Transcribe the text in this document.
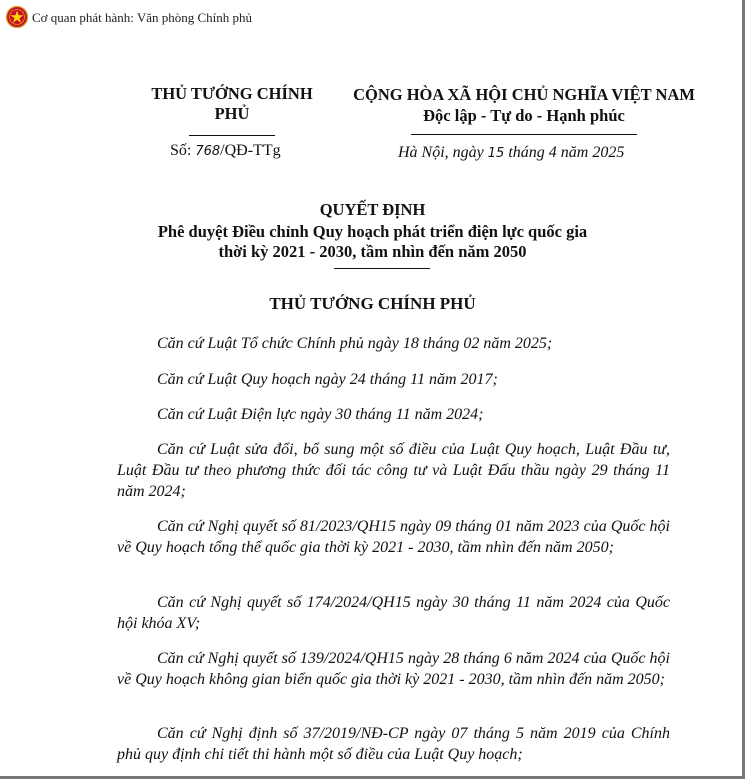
Cơ quan phát hành: Văn phòng Chính phủ
THỦ TƯỚNG CHÍNH PHỦ
CỘNG HÒA XÃ HỘI CHỦ NGHĨA VIỆT NAM
Độc lập - Tự do - Hạnh phúc
Số: 768/QĐ-TTg	Hà Nội, ngày 15 tháng 4 năm 2025
QUYẾT ĐỊNH
Phê duyệt Điều chỉnh Quy hoạch phát triển điện lực quốc gia
thời kỳ 2021 - 2030, tầm nhìn đến năm 2050
THỦ TƯỚNG CHÍNH PHỦ
Căn cứ Luật Tổ chức Chính phủ ngày 18 tháng 02 năm 2025;
Căn cứ Luật Quy hoạch ngày 24 tháng 11 năm 2017;
Căn cứ Luật Điện lực ngày 30 tháng 11 năm 2024;
Căn cứ Luật sửa đổi, bổ sung một số điều của Luật Quy hoạch, Luật Đầu tư, Luật Đầu tư theo phương thức đối tác công tư và Luật Đấu thầu ngày 29 tháng 11 năm 2024;
Căn cứ Nghị quyết số 81/2023/QH15 ngày 09 tháng 01 năm 2023 của Quốc hội về Quy hoạch tổng thể quốc gia thời kỳ 2021 - 2030, tầm nhìn đến năm 2050;
Căn cứ Nghị quyết số 174/2024/QH15 ngày 30 tháng 11 năm 2024 của Quốc hội khóa XV;
Căn cứ Nghị quyết số 139/2024/QH15 ngày 28 tháng 6 năm 2024 của Quốc hội về Quy hoạch không gian biển quốc gia thời kỳ 2021 - 2030, tầm nhìn đến năm 2050;
Căn cứ Nghị định số 37/2019/NĐ-CP ngày 07 tháng 5 năm 2019 của Chính phủ quy định chi tiết thi hành một số điều của Luật Quy hoạch;
